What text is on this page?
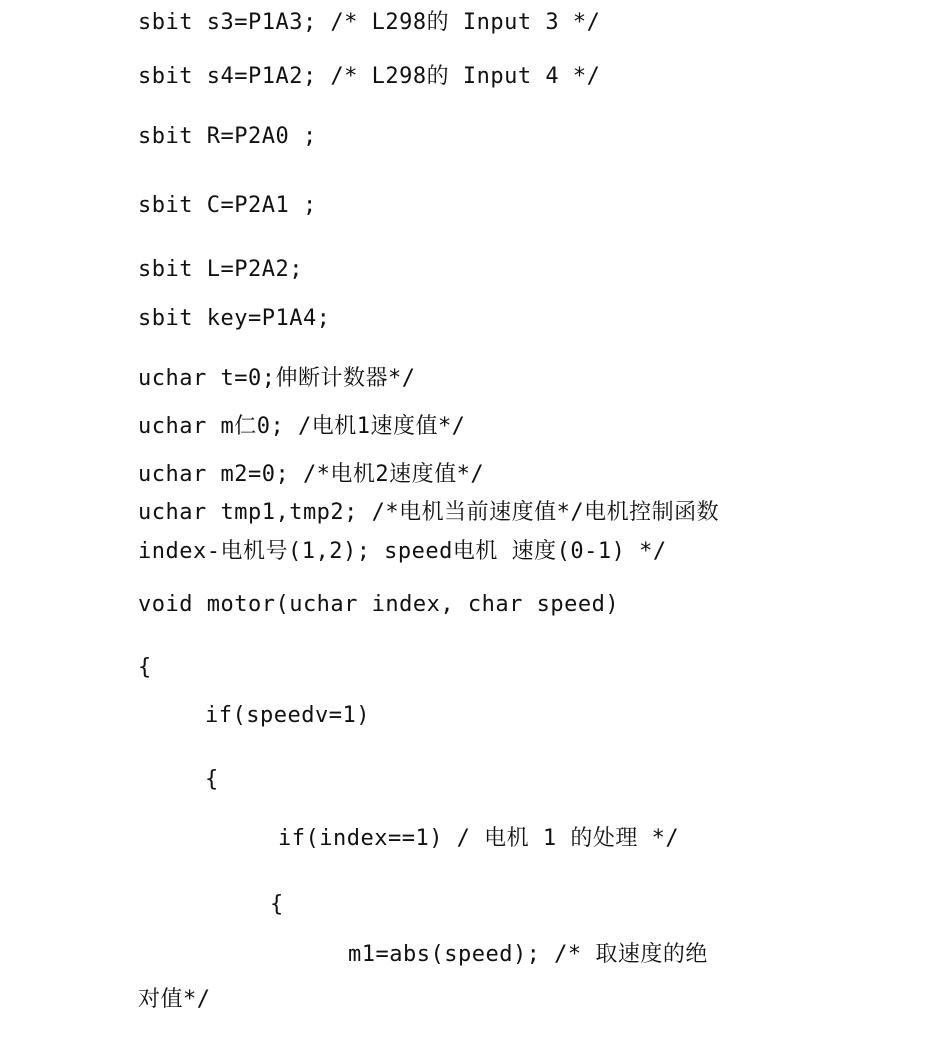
sbit s3=P1A3; /* L298的 Input 3 */
sbit s4=P1A2; /* L298的 Input 4 */
sbit R=P2A0 ;
sbit C=P2A1 ;
sbit L=P2A2;
sbit key=P1A4;
uchar t=0;伸断计数器*/
uchar m仁0; /电机1速度值*/
uchar m2=0; /*电机2速度值*/
uchar tmp1,tmp2; /*电机当前速度值*/电机控制函数
index-电机号(1,2); speed电机 速度(0-1) */
void motor(uchar index, char speed)
{
if(speedv=1)
{
if(index==1) / 电机 1 的处理 */
{
m1=abs(speed); /* 取速度的绝
对值*/
